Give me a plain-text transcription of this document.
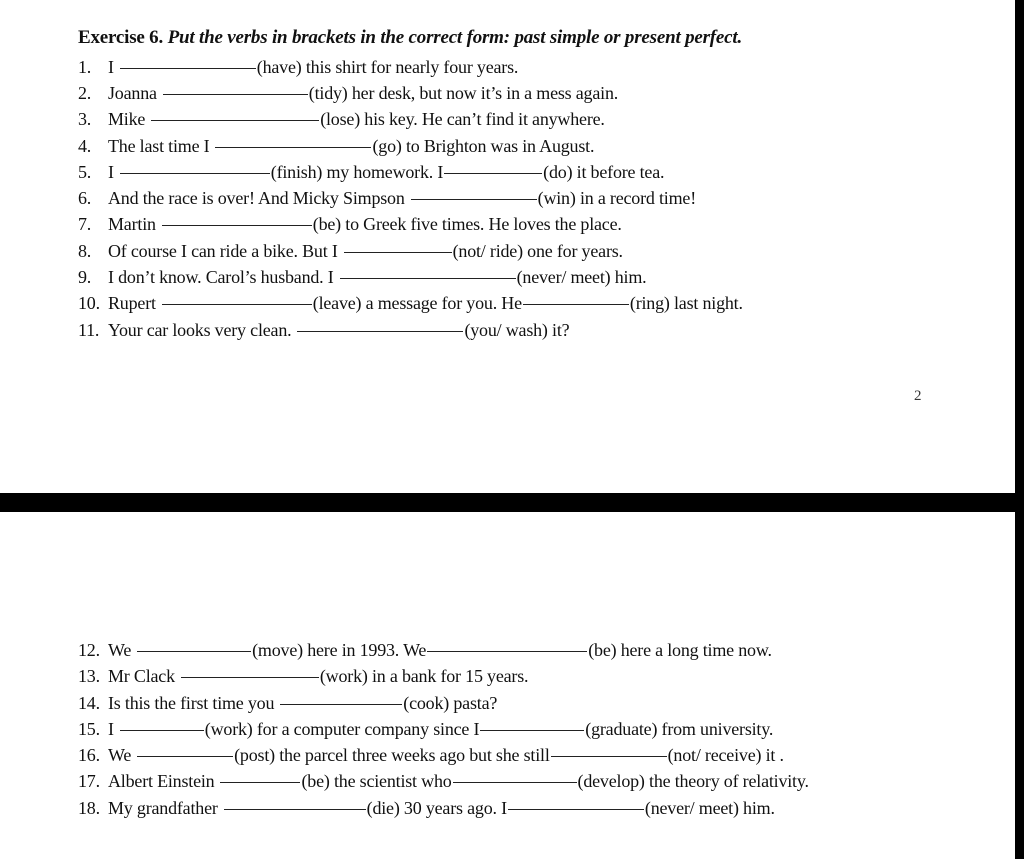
Exercise 6. Put the verbs in brackets in the correct form: past simple or present perfect.
1. I	(have) this shirt for nearly four years.
2. Joanna	(tidy) her desk, but now it’s in a mess again.
3. Mike	(lose) his key. He can’t find it anywhere.
4. The last time I	(go) to Brighton was in August.
5. I	(finish) my homework. I	(do) it before tea.
6. And the race is over! And Micky Simpson	(win) in a record time!
7. Martin	(be) to Greek five times. He loves the place.
8. Of course I can ride a bike. But I	(not/ ride) one for years.
9. I don’t know. Carol’s husband. I	(never/ meet) him.
10. Rupert	(leave) a message for you. He	(ring) last night.
11. Your car looks very clean.	(you/ wash) it?
2
12. We	(move) here in 1993. We	(be) here a long time now.
13. Mr Clack	(work) in a bank for 15 years.
14. Is this the first time you	(cook) pasta?
15. I	(work) for a computer company since I	(graduate) from university.
16. We	(post) the parcel three weeks ago but she still	(not/ receive) it .
17. Albert Einstein	(be) the scientist who	(develop) the theory of relativity.
18. My grandfather	(die) 30 years ago. I	(never/ meet) him.
